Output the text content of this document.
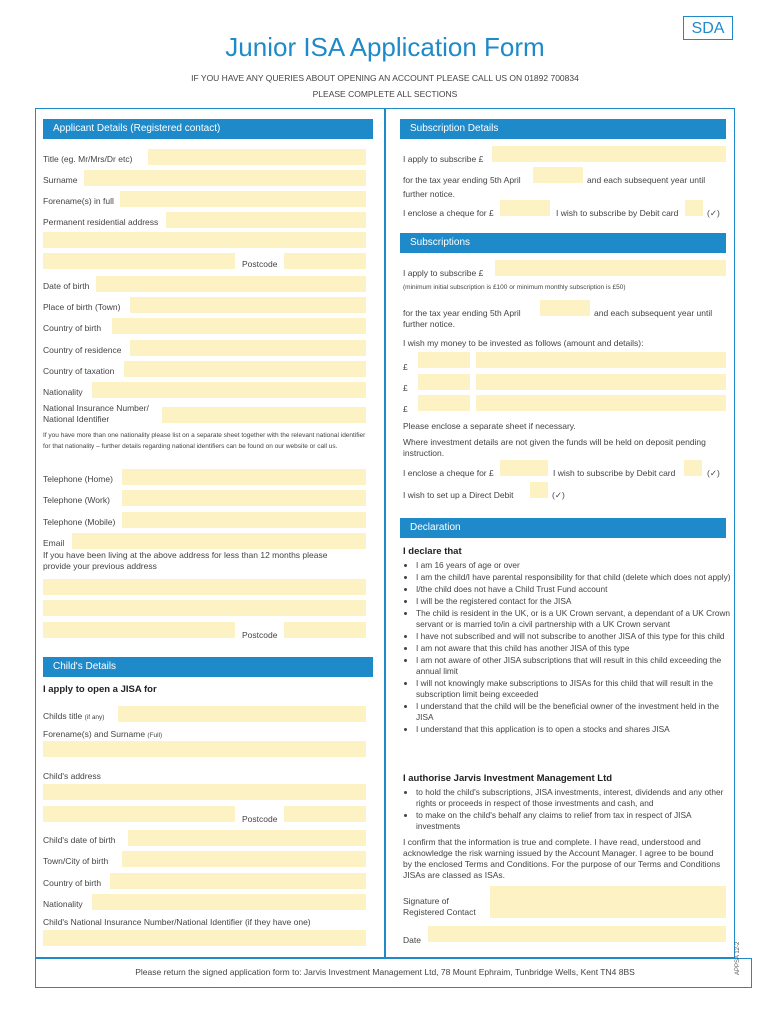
SDA
Junior ISA Application Form
IF YOU HAVE ANY QUERIES ABOUT OPENING AN ACCOUNT PLEASE CALL US ON 01892 700834
PLEASE COMPLETE ALL SECTIONS
Applicant Details (Registered contact)
Title (eg. Mr/Mrs/Dr etc)
Surname
Forename(s) in full
Permanent residential address
Postcode
Date of birth
Place of birth (Town)
Country of birth
Country of residence
Country of taxation
Nationality
National Insurance Number/
National Identifier
If you have more than one nationality please list on a separate sheet together with the relevant national identifier for that nationality – further details regarding national identifiers can be found on our website or call us.
Telephone (Home)
Telephone (Work)
Telephone (Mobile)
Email
If you have been living at the above address for less than 12 months please provide your previous address
Postcode
Child's Details
I apply to open a JISA for
Childs title (if any)
Forename(s) and Surname (Full)
Child's address
Postcode
Child's date of birth
Town/City of birth
Country of birth
Nationality
Child's National Insurance Number/National Identifier (if they have one)
Subscription Details
I apply to subscribe £
for the tax year ending 5th April	and each subsequent year until
further notice.
I enclose a cheque for £	I wish to subscribe by Debit card	(✓)
Subscriptions
I apply to subscribe £
(minimum initial subscription is £100 or minimum monthly subscription is £50)
for the tax year ending 5th April	and each subsequent year until
further notice.
I wish my money to be invested as follows (amount and details):
£
£
£
Please enclose a separate sheet if necessary.
Where investment details are not given the funds will be held on deposit pending instruction.
I enclose a cheque for £	I wish to subscribe by Debit card	(✓)
I wish to set up a Direct Debit	(✓)
Declaration
I declare that
• I am 16 years of age or over
• I am the child/I have parental responsibility for that child (delete which does not apply)
• I/the child does not have a Child Trust Fund account
• I will be the registered contact for the JISA
• The child is resident in the UK, or is a UK Crown servant, a dependant of a UK Crown servant or is married to/in a civil partnership with a UK Crown servant
• I have not subscribed and will not subscribe to another JISA of this type for this child
• I am not aware that this child has another JISA of this type
• I am not aware of other JISA subscriptions that will result in this child exceeding the annual limit
• I will not knowingly make subscriptions to JISAs for this child that will result in the subscription limit being exceeded
• I understand that the child will be the beneficial owner of the investment held in the JISA
• I understand that this application is to open a stocks and shares JISA
I authorise Jarvis Investment Management Ltd
• to hold the child's subscriptions, JISA investments, interest, dividends and any other rights or proceeds in respect of those investments and cash, and
• to make on the child's behalf any claims to relief from tax in respect of JISA investments
I confirm that the information is true and complete. I have read, understood and acknowledge the risk warning issued by the Account Manager. I agree to be bound by the enclosed Terms and Conditions. For the purpose of our Terms and Conditions JISAs are classed as ISAs.
Signature of
Registered Contact
Date
Please return the signed application form to: Jarvis Investment Management Ltd, 78 Mount Ephraim, Tunbridge Wells, Kent TN4 8BS	APPSA 12-2
